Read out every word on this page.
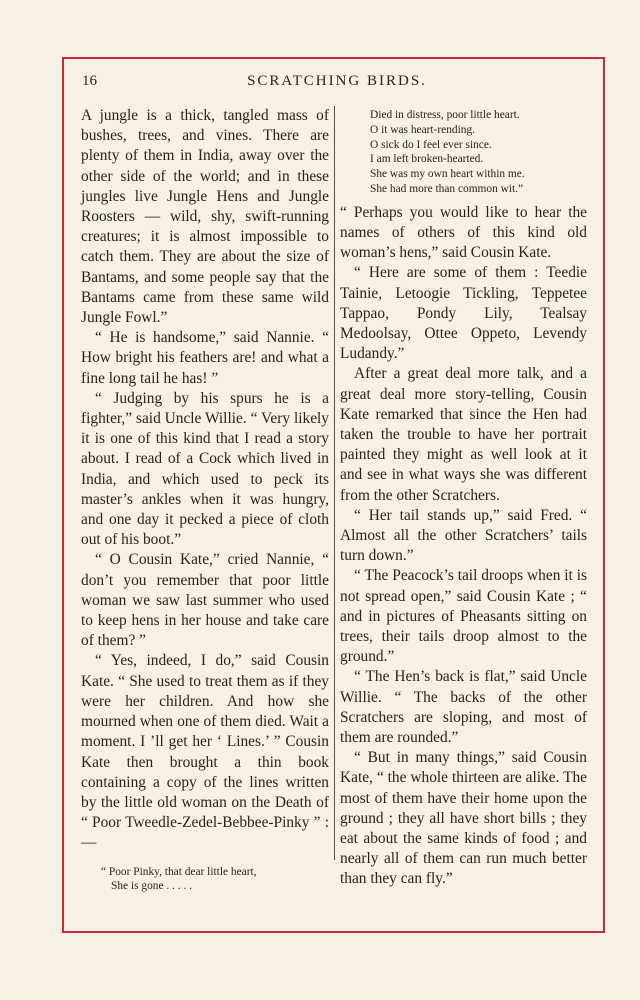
16	SCRATCHING BIRDS.

A jungle is a thick, tangled mass of bushes, trees, and vines. There are plenty of them in India, away over the other side of the world; and in these jungles live Jungle Hens and Jungle Roosters — wild, shy, swift-running creatures; it is almost impossible to catch them. They are about the size of Bantams, and some people say that the Bantams came from these same wild Jungle Fowl.”

“ He is handsome,” said Nannie. “ How bright his feathers are! and what a fine long tail he has! ”

“ Judging by his spurs he is a fighter,” said Uncle Willie. “ Very likely it is one of this kind that I read a story about. I read of a Cock which lived in India, and which used to peck its master’s ankles when it was hungry, and one day it pecked a piece of cloth out of his boot.”

“ O Cousin Kate,” cried Nannie, “ don’t you remember that poor little woman we saw last summer who used to keep hens in her house and take care of them? ”

“ Yes, indeed, I do,” said Cousin Kate. “ She used to treat them as if they were her children. And how she mourned when one of them died. Wait a moment. I ’ll get her ‘ Lines.’ ” Cousin Kate then brought a thin book containing a copy of the lines written by the little old woman on the Death of “ Poor Tweedle-Zedel-Bebbee-Pinky ” : —

“ Poor Pinky, that dear little heart,
She is gone . . . . .
Died in distress, poor little heart.
O it was heart-rending.
O sick do I feel ever since.
I am left broken-hearted.
She was my own heart within me.
She had more than common wit.”

“ Perhaps you would like to hear the names of others of this kind old woman’s hens,” said Cousin Kate.

“ Here are some of them : Teedie Tainie, Letoogie Tickling, Teppetee Tappao, Pondy Lily, Tealsay Medoolsay, Ottee Oppeto, Levendy Ludandy.”

After a great deal more talk, and a great deal more story-telling, Cousin Kate remarked that since the Hen had taken the trouble to have her portrait painted they might as well look at it and see in what ways she was different from the other Scratchers.

“ Her tail stands up,” said Fred. “ Almost all the other Scratchers’ tails turn down.”

“ The Peacock’s tail droops when it is not spread open,” said Cousin Kate ; “ and in pictures of Pheasants sitting on trees, their tails droop almost to the ground.”

“ The Hen’s back is flat,” said Uncle Willie. “ The backs of the other Scratchers are sloping, and most of them are rounded.”

“ But in many things,” said Cousin Kate, “ the whole thirteen are alike. The most of them have their home upon the ground ; they all have short bills ; they eat about the same kinds of food ; and nearly all of them can run much better than they can fly.”
